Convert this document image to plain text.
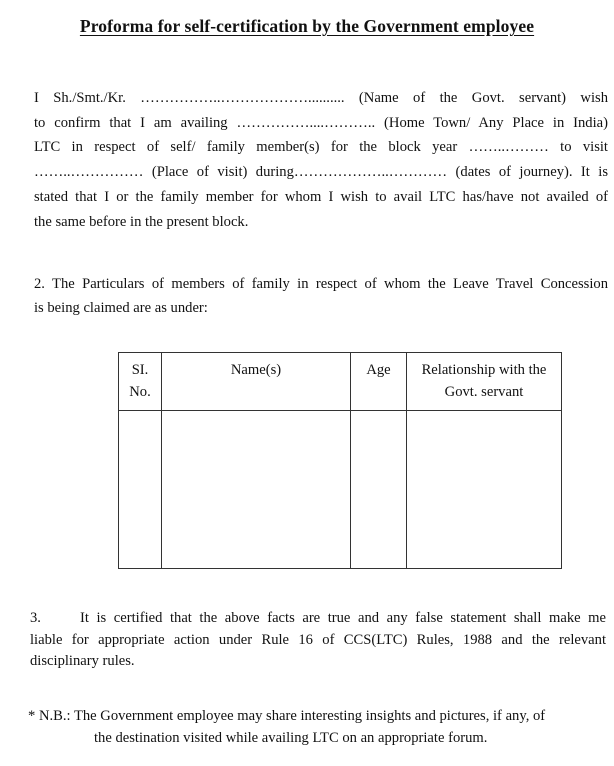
Proforma for self-certification by the Government employee
I Sh./Smt./Kr. ……………..……………….......... (Name of the Govt. servant) wish
to confirm that I am availing ……………....……….. (Home Town/ Any Place in India)
LTC in respect of self/ family member(s) for the block year ……..……… to visit
……..…………… (Place of visit) during………………..………… (dates of journey). It is
stated that I or the family member for whom I wish to avail LTC has/have not availed of
the same before in the present block.
2. The Particulars of members of family in respect of whom the Leave Travel Concession
is being claimed are as under:
SI.
No.	Name(s)	Age	Relationship with the
Govt. servant

3.	It is certified that the above facts are true and any false statement shall make me
liable for appropriate action under Rule 16 of CCS(LTC) Rules, 1988 and the relevant
disciplinary rules.
* N.B.: The Government employee may share interesting insights and pictures, if any, of
the destination visited while availing LTC on an appropriate forum.
